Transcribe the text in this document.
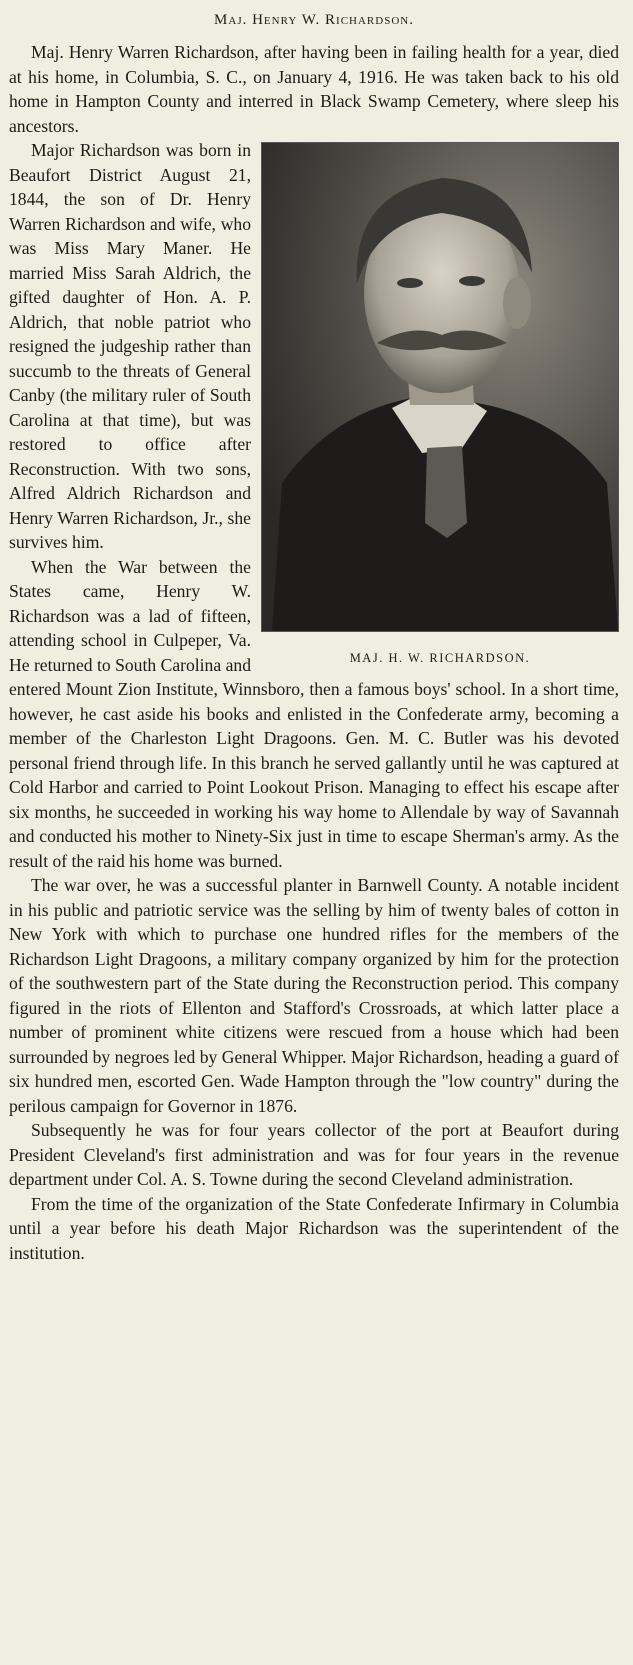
Maj. Henry W. Richardson.

Maj. Henry Warren Richardson, after having been in failing health for a year, died at his home, in Columbia, S. C., on January 4, 1916. He was taken back to his old home in Hampton County and interred in Black Swamp Cemetery, where sleep his ancestors.

MAJ. H. W. RICHARDSON.

Major Richardson was born in Beaufort District August 21, 1844, the son of Dr. Henry Warren Richardson and wife, who was Miss Mary Maner. He married Miss Sarah Aldrich, the gifted daughter of Hon. A. P. Aldrich, that noble patriot who resigned the judgeship rather than succumb to the threats of General Canby (the military ruler of South Carolina at that time), but was restored to office after Reconstruction. With two sons, Alfred Aldrich Richardson and Henry Warren Richardson, Jr., she survives him.

When the War between the States came, Henry W. Richardson was a lad of fifteen, attending school in Culpeper, Va. He returned to South Carolina and entered Mount Zion Institute, Winnsboro, then a famous boys' school. In a short time, however, he cast aside his books and enlisted in the Confederate army, becoming a member of the Charleston Light Dragoons. Gen. M. C. Butler was his devoted personal friend through life. In this branch he served gallantly until he was captured at Cold Harbor and carried to Point Lookout Prison. Managing to effect his escape after six months, he succeeded in working his way home to Allendale by way of Savannah and conducted his mother to Ninety-Six just in time to escape Sherman's army. As the result of the raid his home was burned.

The war over, he was a successful planter in Barnwell County. A notable incident in his public and patriotic service was the selling by him of twenty bales of cotton in New York with which to purchase one hundred rifles for the members of the Richardson Light Dragoons, a military company organized by him for the protection of the southwestern part of the State during the Reconstruction period. This company figured in the riots of Ellenton and Stafford's Crossroads, at which latter place a number of prominent white citizens were rescued from a house which had been surrounded by negroes led by General Whipper. Major Richardson, heading a guard of six hundred men, escorted Gen. Wade Hampton through the "low country" during the perilous campaign for Governor in 1876.

Subsequently he was for four years collector of the port at Beaufort during President Cleveland's first administration and was for four years in the revenue department under Col. A. S. Towne during the second Cleveland administration.

From the time of the organization of the State Confederate Infirmary in Columbia until a year before his death Major Richardson was the superintendent of the institution.
